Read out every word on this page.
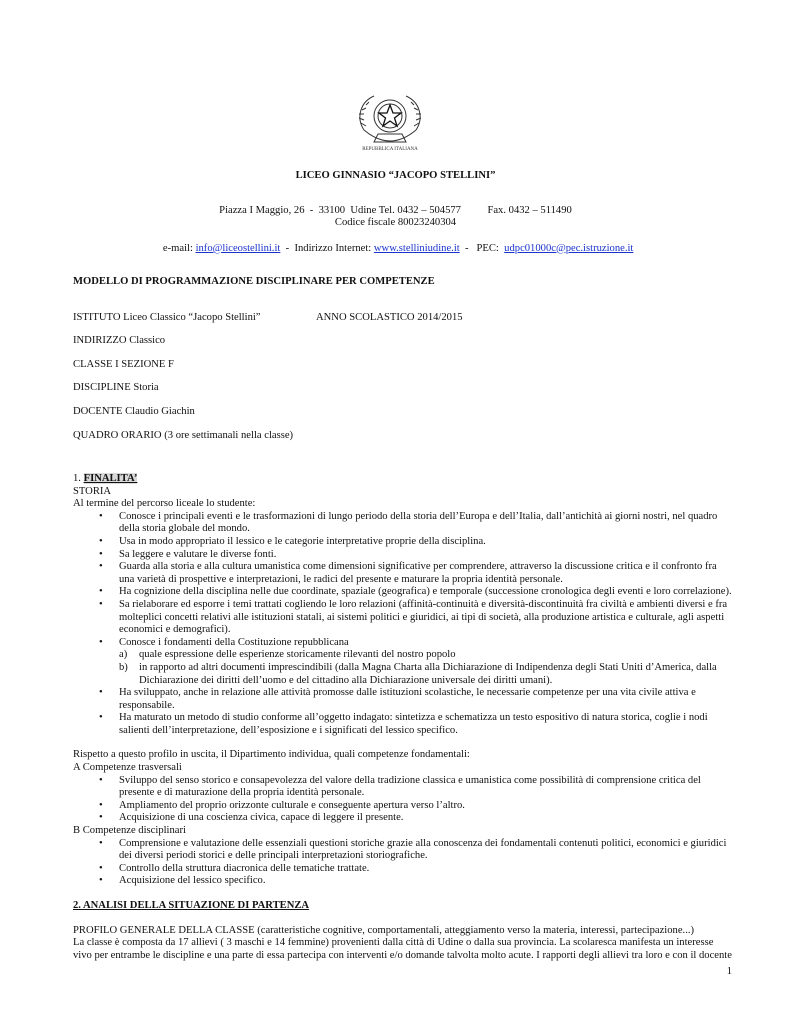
REPUBBLICA ITALIANA
LICEO GINNASIO “JACOPO STELLINI”
Piazza I Maggio, 26  -  33100  Udine Tel. 0432 – 504577          Fax. 0432 – 511490
Codice fiscale 80023240304

e-mail: info@liceostellini.it  -  Indirizzo Internet: www.stelliniudine.it  -   PEC:  udpc01000c@pec.istruzione.it

MODELLO DI PROGRAMMAZIONE DISCIPLINARE PER COMPETENZE
ISTITUTO Liceo Classico “Jacopo Stellini”	ANNO SCOLASTICO 2014/2015
INDIRIZZO Classico
CLASSE I SEZIONE F
DISCIPLINE Storia
DOCENTE Claudio Giachin
QUADRO ORARIO (3 ore settimanali nella classe)

1. FINALITA’

STORIA

Al termine del percorso liceale lo studente:

• Conosce i principali eventi e le trasformazioni di lungo periodo della storia dell’Europa e dell’Italia, dall’antichità ai giorni nostri, nel quadro della storia globale del mondo.
• Usa in modo appropriato il lessico e le categorie interpretative proprie della disciplina.
• Sa leggere e valutare le diverse fonti.
• Guarda alla storia e alla cultura umanistica come dimensioni significative per comprendere, attraverso la discussione critica e il confronto fra una varietà di prospettive e interpretazioni, le radici del presente e maturare la propria identità personale.
• Ha cognizione della disciplina nelle due coordinate, spaziale (geografica) e temporale (successione cronologica degli eventi e loro correlazione).
• Sa rielaborare ed esporre i temi trattati cogliendo le loro relazioni (affinità-continuità e diversità-discontinuità fra civiltà e ambienti diversi e fra molteplici concetti relativi alle istituzioni statali, ai sistemi politici e giuridici, ai tipi di società, alla produzione artistica e culturale, agli aspetti economici e demografici).
• Conosce i fondamenti della Costituzione repubblicana
a) quale espressione delle esperienze storicamente rilevanti del nostro popolo
b) in rapporto ad altri documenti imprescindibili (dalla Magna Charta alla Dichiarazione di Indipendenza degli Stati Uniti d’America, dalla Dichiarazione dei diritti dell’uomo e del cittadino alla Dichiarazione universale dei diritti umani).
• Ha sviluppato, anche in relazione alle attività promosse dalle istituzioni scolastiche, le necessarie competenze per una vita civile attiva e responsabile.
• Ha maturato un metodo di studio conforme all’oggetto indagato: sintetizza e schematizza un testo espositivo di natura storica, coglie i nodi salienti dell’interpretazione, dell’esposizione e i significati del lessico specifico.

Rispetto a questo profilo in uscita, il Dipartimento individua, quali competenze fondamentali:

A Competenze trasversali

• Sviluppo del senso storico e consapevolezza del valore della tradizione classica e umanistica come possibilità di comprensione critica del presente e di maturazione della propria identità personale.
• Ampliamento del proprio orizzonte culturale e conseguente apertura verso l’altro.
• Acquisizione di una coscienza civica, capace di leggere il presente.

B Competenze disciplinari

• Comprensione e valutazione delle essenziali questioni storiche grazie alla conoscenza dei fondamentali contenuti politici, economici e giuridici dei diversi periodi storici e delle principali interpretazioni storiografiche.
• Controllo della struttura diacronica delle tematiche trattate.
• Acquisizione del lessico specifico.

2. ANALISI DELLA SITUAZIONE DI PARTENZA

PROFILO GENERALE DELLA CLASSE (caratteristiche cognitive, comportamentali, atteggiamento verso la materia, interessi, partecipazione...)

La classe è composta da 17 allievi ( 3 maschi e 14 femmine) provenienti dalla città di Udine o dalla sua provincia. La scolaresca manifesta un interesse vivo per entrambe le discipline e una parte di essa partecipa con interventi e/o domande talvolta molto acute. I rapporti degli allievi tra loro e con il docente

1
